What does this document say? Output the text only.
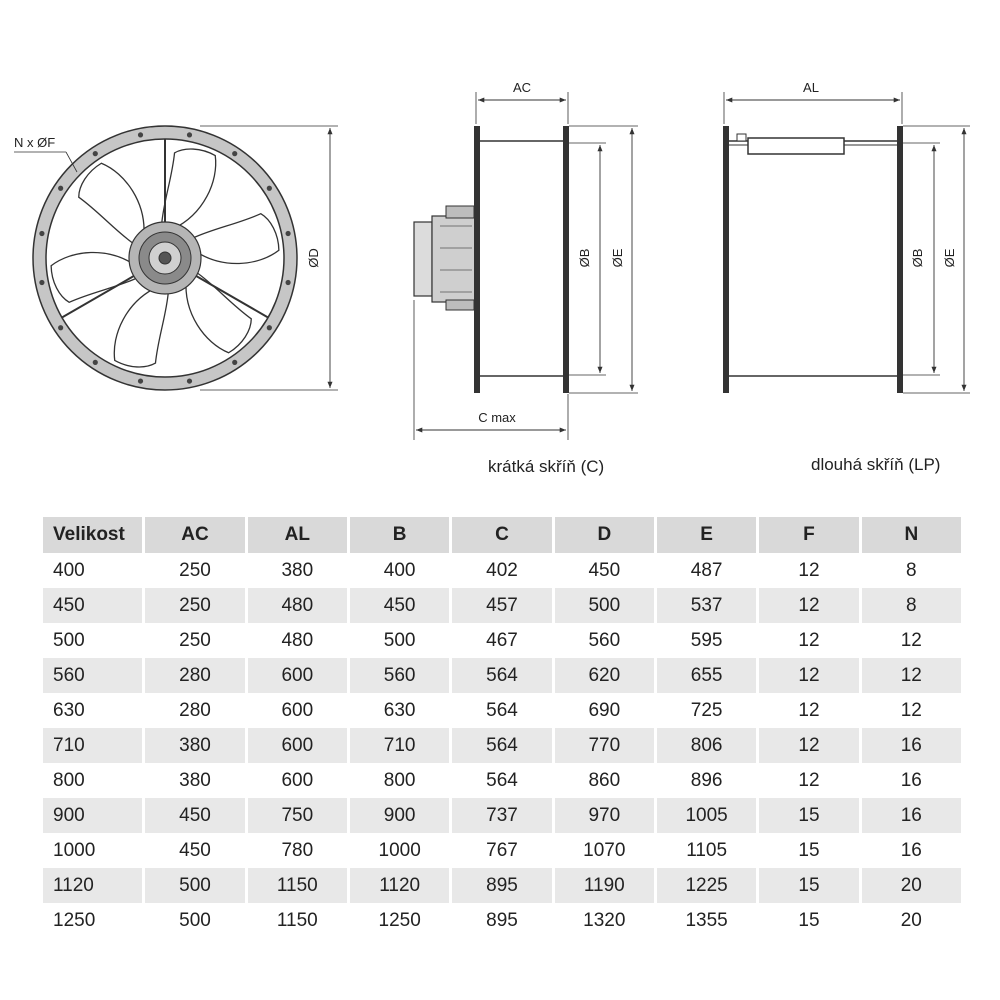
N x ØF
ØD
AC
C max
ØB ØE
AL
ØB ØE
krátká skříň (C)	dlouhá skříň (LP)
Velikost	AC	AL	B	C	D	E	F	N
400	250	380	400	402	450	487	12	8
450	250	480	450	457	500	537	12	8
500	250	480	500	467	560	595	12	12
560	280	600	560	564	620	655	12	12
630	280	600	630	564	690	725	12	12
710	380	600	710	564	770	806	12	16
800	380	600	800	564	860	896	12	16
900	450	750	900	737	970	1005	15	16
1000	450	780	1000	767	1070	1105	15	16
1120	500	1150	1120	895	1190	1225	15	20
1250	500	1150	1250	895	1320	1355	15	20
